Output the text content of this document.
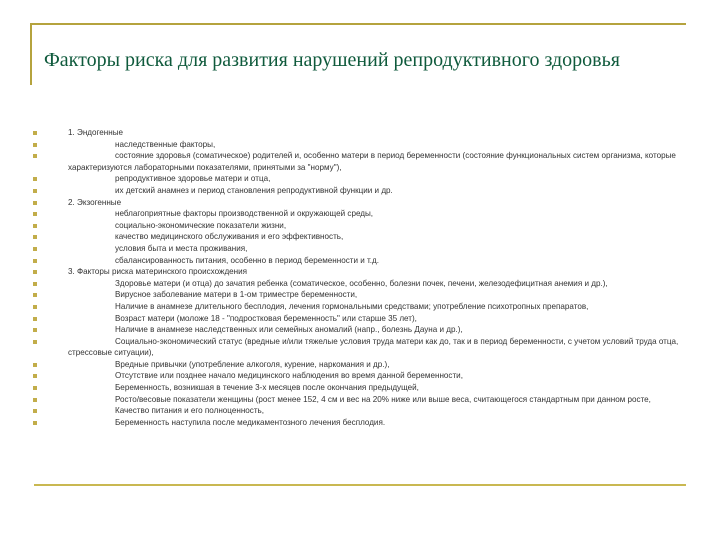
Факторы риска для развития нарушений репродуктивного здоровья
1. Эндогенные
наследственные факторы,
состояние здоровья (соматическое) родителей и, особенно матери в период беременности (состояние функциональных систем организма, которые характеризуются лабораторными показателями, принятыми за "норму"),
репродуктивное здоровье матери и отца,
их детский анамнез и период становления репродуктивной функции и др.
2. Экзогенные
неблагоприятные факторы производственной и окружающей среды,
социально-экономические показатели жизни,
качество медицинского обслуживания и его эффективность,
условия быта и места проживания,
сбалансированность питания, особенно в период беременности и т.д.
3. Факторы риска материнского происхождения
Здоровье матери (и отца) до зачатия ребенка (соматическое, особенно, болезни почек, печени, железодефицитная анемия и др.),
Вирусное заболевание матери в 1-ом триместре беременности,
Наличие в анамнезе длительного бесплодия, лечения гормональными средствами; употребление психотропных препаратов,
Возраст матери (моложе 18 - "подростковая беременность" или старше 35 лет),
Наличие в анамнезе наследственных или семейных аномалий (напр., болезнь Дауна и др.),
Социально-экономический статус (вредные и/или тяжелые условия труда матери как до, так и в период беременности, с учетом условий труда отца, стрессовые ситуации),
Вредные привычки (употребление алкоголя, курение, наркомания и др.),
Отсутствие или позднее начало медицинского наблюдения во время данной беременности,
Беременность, возникшая в течение 3-х месяцев после окончания предыдущей,
Росто/весовые показатели женщины (рост менее 152, 4 см и вес на 20% ниже или выше веса, считающегося стандартным при данном росте,
Качество питания и его полноценность,
Беременность наступила после медикаментозного лечения бесплодия.
